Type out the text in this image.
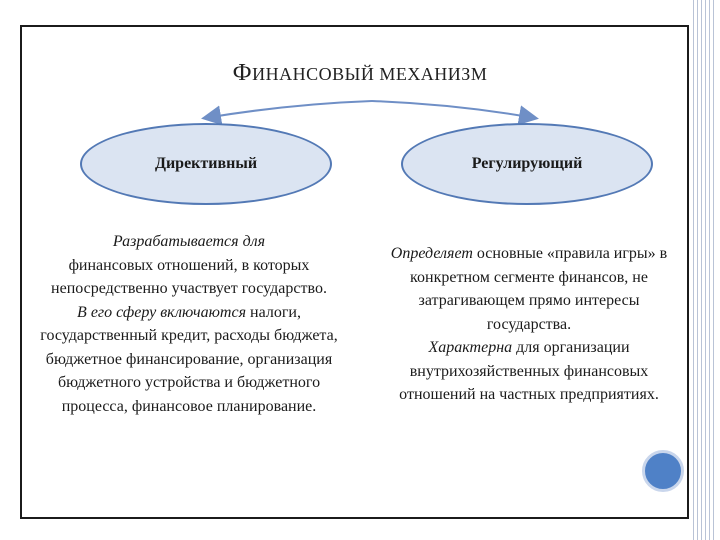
ФИНАНСОВЫЙ МЕХАНИЗМ
Директивный	Регулирующий
Разрабатывается для
финансовых отношений, в которых непосредственно участвует государство.
В его сферу включаются налоги, государственный кредит, расходы бюджета, бюджетное финансирование, организация бюджетного устройства и бюджетного процесса, финансовое планирование.
Определяет основные «правила игры» в конкретном сегменте финансов, не затрагивающем прямо интересы государства.
Характерна для организации внутрихозяйственных финансовых отношений на частных предприятиях.
